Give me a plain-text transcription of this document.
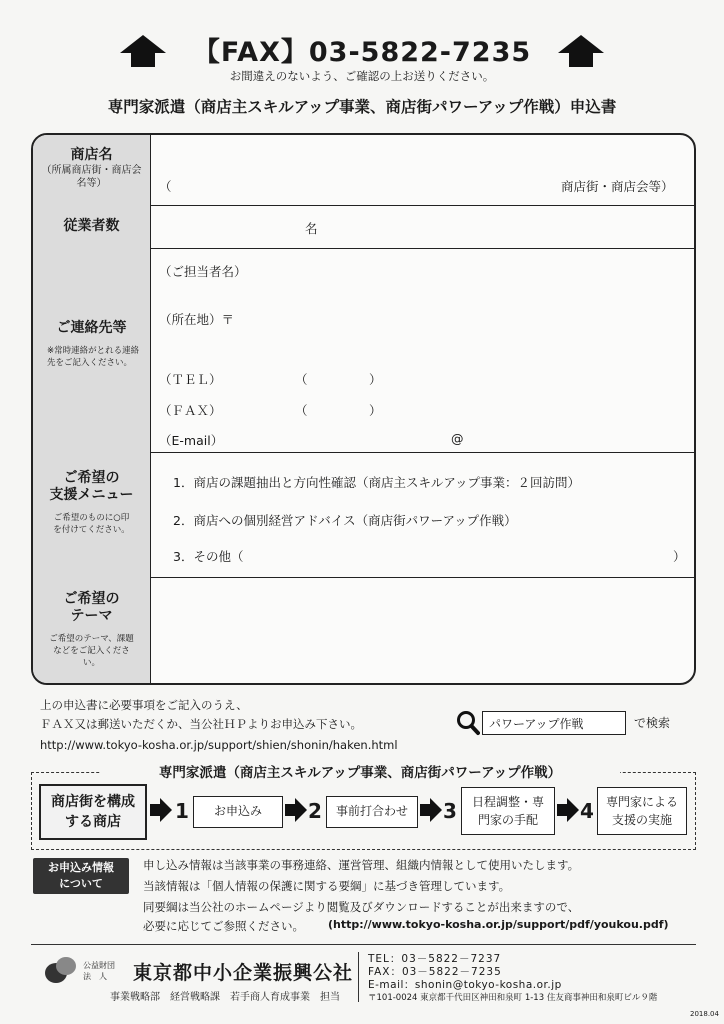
【FAX】03-5822-7235
お間違えのないよう、ご確認の上お送りください。
専門家派遣（商店主スキルアップ事業、商店街パワーアップ作戦）申込書
商店名
（所属商店街・商店会名等）	（	商店街・商店会等）
従業者数	名
ご連絡先等
※常時連絡がとれる連絡先をご記入ください。
（ご担当者名）
（所在地）〒
（ＴＥＬ）	（	）
（ＦＡＸ）	（	）
（E-mail）	@
ご希望の
支援メニュー
ご希望のものに○印を付けてください。
1．商店の課題抽出と方向性確認（商店主スキルアップ事業：２回訪問）
2．商店への個別経営アドバイス（商店街パワーアップ作戦）
3．その他（	）
ご希望の
テーマ
ご希望のテーマ、課題などをご記入ください。
上の申込書に必要事項をご記入のうえ、
ＦＡＸ又は郵送いただくか、当公社ＨＰよりお申込み下さい。
http://www.tokyo-kosha.or.jp/support/shien/shonin/haken.html
パワーアップ作戦	で検索
専門家派遣（商店主スキルアップ事業、商店街パワーアップ作戦）
商店街を構成する商店	1	お申込み	2	事前打合わせ	3	日程調整・専門家の手配	4	専門家による支援の実施
お申込み情報
について
申し込み情報は当該事業の事務連絡、運営管理、組織内情報として使用いたします。
当該情報は「個人情報の保護に関する要綱」に基づき管理しています。
同要綱は当公社のホームページより閲覧及びダウンロードすることが出来ますので、
必要に応じてご参照ください。 (http://www.tokyo-kosha.or.jp/support/pdf/youkou.pdf)
公益財団
法　人	東京都中小企業振興公社
事業戦略部　経営戦略課　若手商人育成事業　担当
TEL：03－5822－7237
FAX：03－5822－7235
E-mail：shonin@tokyo-kosha.or.jp
〒101-0024 東京都千代田区神田和泉町 1-13 住友商事神田和泉町ビル９階
2018.04
